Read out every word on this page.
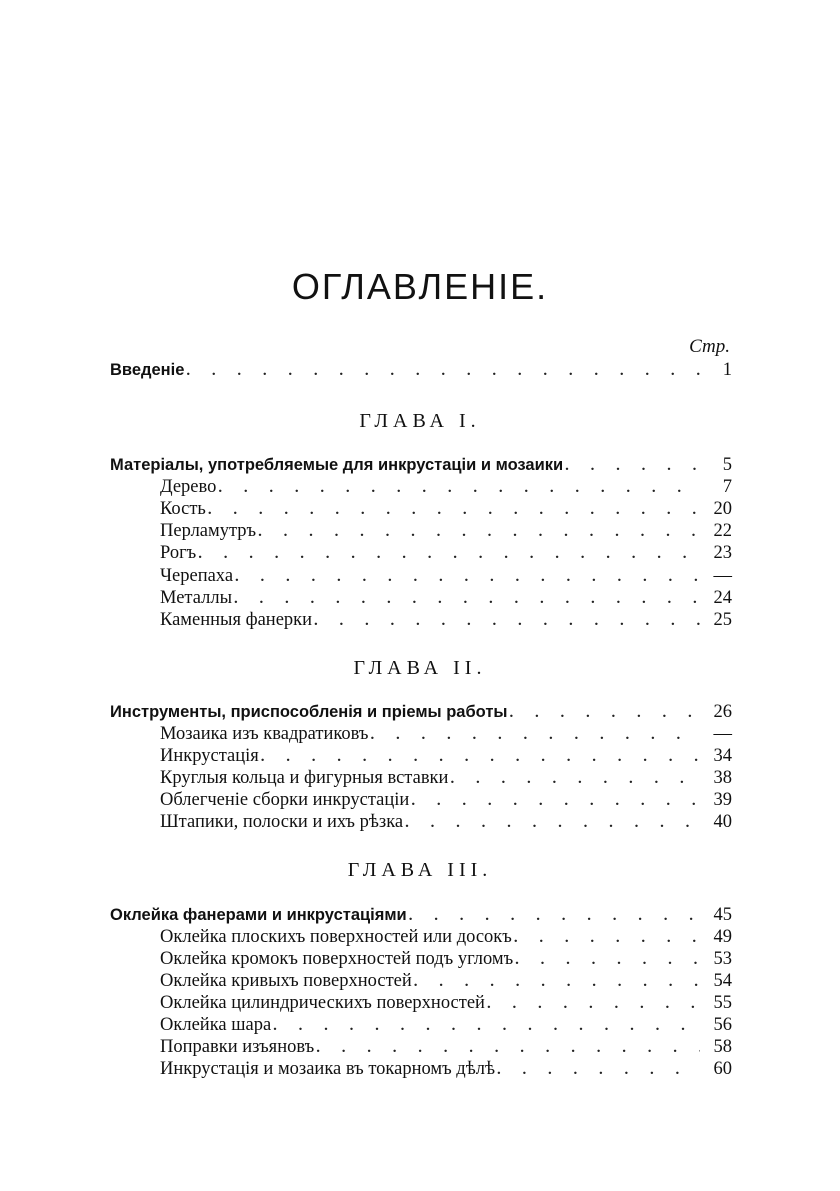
ОГЛАВЛЕНІЕ.
Стр.
Введеніе . . .	1
ГЛАВА I.
Матеріалы, употребляемые для инкрустаціи и мозаики . . .	5
Дерево . . .	7
Кость . . .	20
Перламутръ . . .	22
Рогъ . . .	23
Черепаха . . .	—
Металлы . . .	24
Каменныя фанерки . . .	25
ГЛАВА II.
Инструменты, приспособленія и пріемы работы . . .	26
Мозаика изъ квадратиковъ . . .	—
Инкрустація . . .	34
Круглыя кольца и фигурныя вставки . . .	38
Облегченіе сборки инкрустаціи . . .	39
Штапики, полоски и ихъ рѣзка . . .	40
ГЛАВА III.
Оклейка фанерами и инкрустаціями . . .	45
Оклейка плоскихъ поверхностей или досокъ . . .	49
Оклейка кромокъ поверхностей подъ угломъ . . .	53
Оклейка кривыхъ поверхностей . . .	54
Оклейка цилиндрическихъ поверхностей . . .	55
Оклейка шара . . .	56
Поправки изъяновъ . . .	58
Инкрустація и мозаика въ токарномъ дѣлѣ . . .	60
